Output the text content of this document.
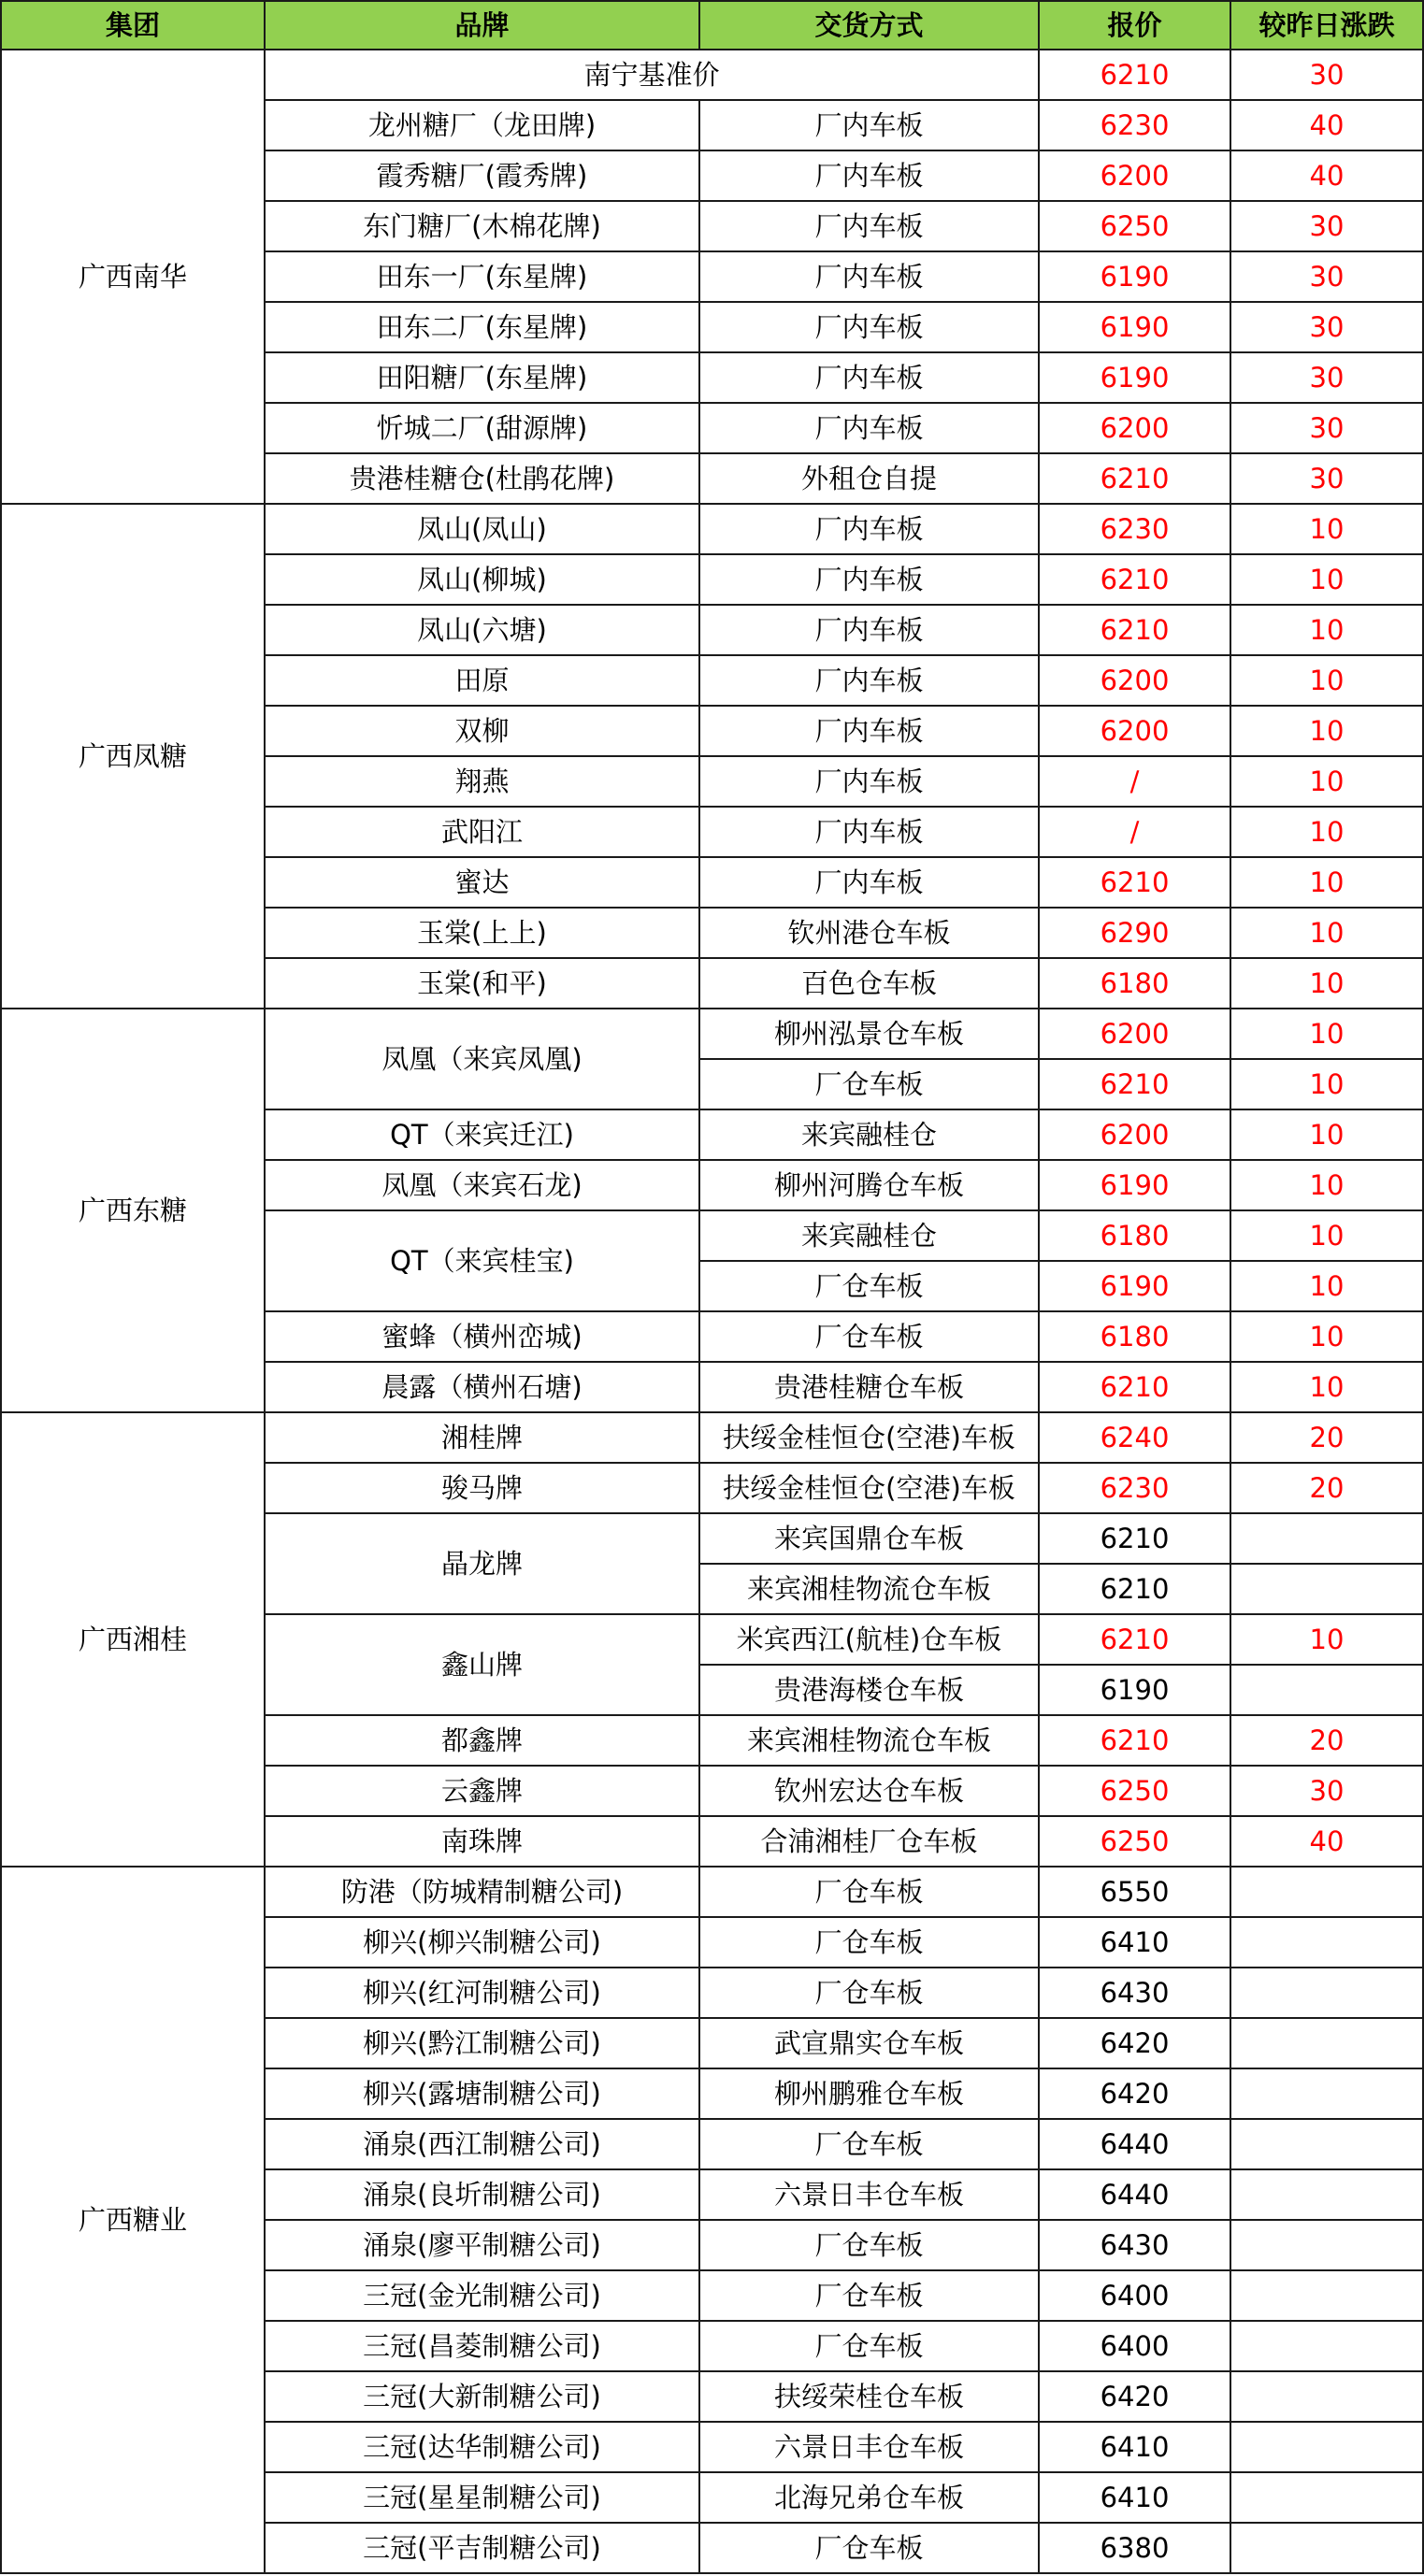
集团	品牌	交货方式	报价	较昨日涨跌
广西南华	南宁基准价		6210	30
	龙州糖厂（龙田牌)	厂内车板	6230	40
	霞秀糖厂(霞秀牌)	厂内车板	6200	40
	东门糖厂(木棉花牌)	厂内车板	6250	30
	田东一厂(东星牌)	厂内车板	6190	30
	田东二厂(东星牌)	厂内车板	6190	30
	田阳糖厂(东星牌)	厂内车板	6190	30
	忻城二厂(甜源牌)	厂内车板	6200	30
	贵港桂糖仓(杜鹃花牌)	外租仓自提	6210	30
广西凤糖	凤山(凤山)	厂内车板	6230	10
	凤山(柳城)	厂内车板	6210	10
	凤山(六塘)	厂内车板	6210	10
	田原	厂内车板	6200	10
	双柳	厂内车板	6200	10
	翔燕	厂内车板	/	10
	武阳江	厂内车板	/	10
	蜜达	厂内车板	6210	10
	玉棠(上上)	钦州港仓车板	6290	10
	玉棠(和平)	百色仓车板	6180	10
广西东糖	凤凰（来宾凤凰)	柳州泓景仓车板	6200	10
		厂仓车板	6210	10
	QT（来宾迁江)	来宾融桂仓	6200	10
	凤凰（来宾石龙)	柳州河腾仓车板	6190	10
	QT（来宾桂宝)	来宾融桂仓	6180	10
		厂仓车板	6190	10
	蜜蜂（横州峦城)	厂仓车板	6180	10
	晨露（横州石塘)	贵港桂糖仓车板	6210	10
广西湘桂	湘桂牌	扶绥金桂恒仓(空港)车板	6240	20
	骏马牌	扶绥金桂恒仓(空港)车板	6230	20
	晶龙牌	来宾国鼎仓车板	6210	
		来宾湘桂物流仓车板	6210	
	鑫山牌	米宾西江(航桂)仓车板	6210	10
		贵港海楼仓车板	6190	
	都鑫牌	来宾湘桂物流仓车板	6210	20
	云鑫牌	钦州宏达仓车板	6250	30
	南珠牌	合浦湘桂厂仓车板	6250	40
广西糖业	防港（防城精制糖公司)	厂仓车板	6550	
	柳兴(柳兴制糖公司)	厂仓车板	6410	
	柳兴(红河制糖公司)	厂仓车板	6430	
	柳兴(黔江制糖公司)	武宣鼎实仓车板	6420	
	柳兴(露塘制糖公司)	柳州鹏雅仓车板	6420	
	涌泉(西江制糖公司)	厂仓车板	6440	
	涌泉(良圻制糖公司)	六景日丰仓车板	6440	
	涌泉(廖平制糖公司)	厂仓车板	6430	
	三冠(金光制糖公司)	厂仓车板	6400	
	三冠(昌菱制糖公司)	厂仓车板	6400	
	三冠(大新制糖公司)	扶绥荣桂仓车板	6420	
	三冠(达华制糖公司)	六景日丰仓车板	6410	
	三冠(星星制糖公司)	北海兄弟仓车板	6410	
	三冠(平吉制糖公司)	厂仓车板	6380	
